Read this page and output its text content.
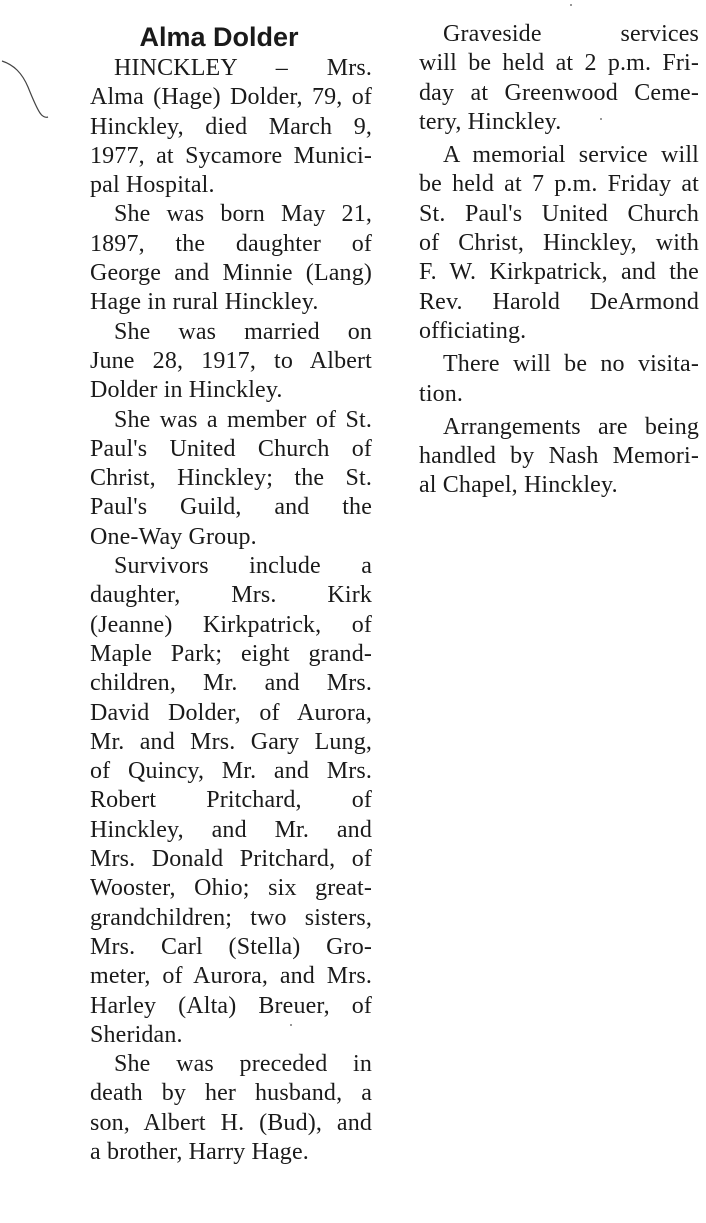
Alma Dolder
HINCKLEY – Mrs.
Alma (Hage) Dolder, 79, of
Hinckley, died March 9,
1977, at Sycamore Munici-
pal Hospital.
She was born May 21,
1897, the daughter of
George and Minnie (Lang)
Hage in rural Hinckley.
She was married on
June 28, 1917, to Albert
Dolder in Hinckley.
She was a member of St.
Paul's United Church of
Christ, Hinckley; the St.
Paul's Guild, and the
One-Way Group.
Survivors include a
daughter, Mrs. Kirk
(Jeanne) Kirkpatrick, of
Maple Park; eight grand-
children, Mr. and Mrs.
David Dolder, of Aurora,
Mr. and Mrs. Gary Lung,
of Quincy, Mr. and Mrs.
Robert Pritchard, of
Hinckley, and Mr. and
Mrs. Donald Pritchard, of
Wooster, Ohio; six great-
grandchildren; two sisters,
Mrs. Carl (Stella) Gro-
meter, of Aurora, and Mrs.
Harley (Alta) Breuer, of
Sheridan.
She was preceded in
death by her husband, a
son, Albert H. (Bud), and
a brother, Harry Hage.
Graveside services
will be held at 2 p.m. Fri-
day at Greenwood Ceme-
tery, Hinckley.
A memorial service will
be held at 7 p.m. Friday at
St. Paul's United Church
of Christ, Hinckley, with
F. W. Kirkpatrick, and the
Rev. Harold DeArmond
officiating.
There will be no visita-
tion.
Arrangements are being
handled by Nash Memori-
al Chapel, Hinckley.
